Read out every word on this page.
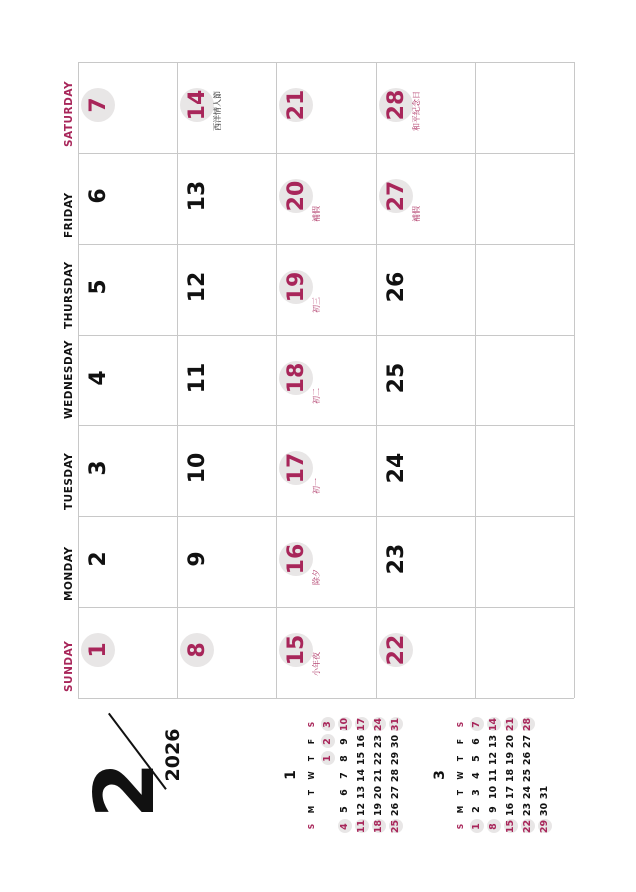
1
2
3
4
5
6
7
8
9
10
11
12
13
14 西洋情人節
15 小年夜
16
除夕
17
初一
18
初二
19
初三
20
補假
21
22
23
24
25
26
27
補假
28 和平紀念日
SUNDAY
MONDAY
TUESDAY
WEDNESDAY
THURSDAY
FRIDAY
SATURDAY
2
2026	1
S
M
T
W
T
F
S
1
2
3
4
5
6
7
8
9
10
11
12
13
14
15
16
17
18
19
20
21
22
23
24
25
26
27
28
29
30
31
3
S
M
T
W
T
F
S
1
2
3
4
5
6
7
8
9
10
11
12
13
14
15
16
17
18
19
20
21
22
23
24
25
26
27
28
29
30
31
